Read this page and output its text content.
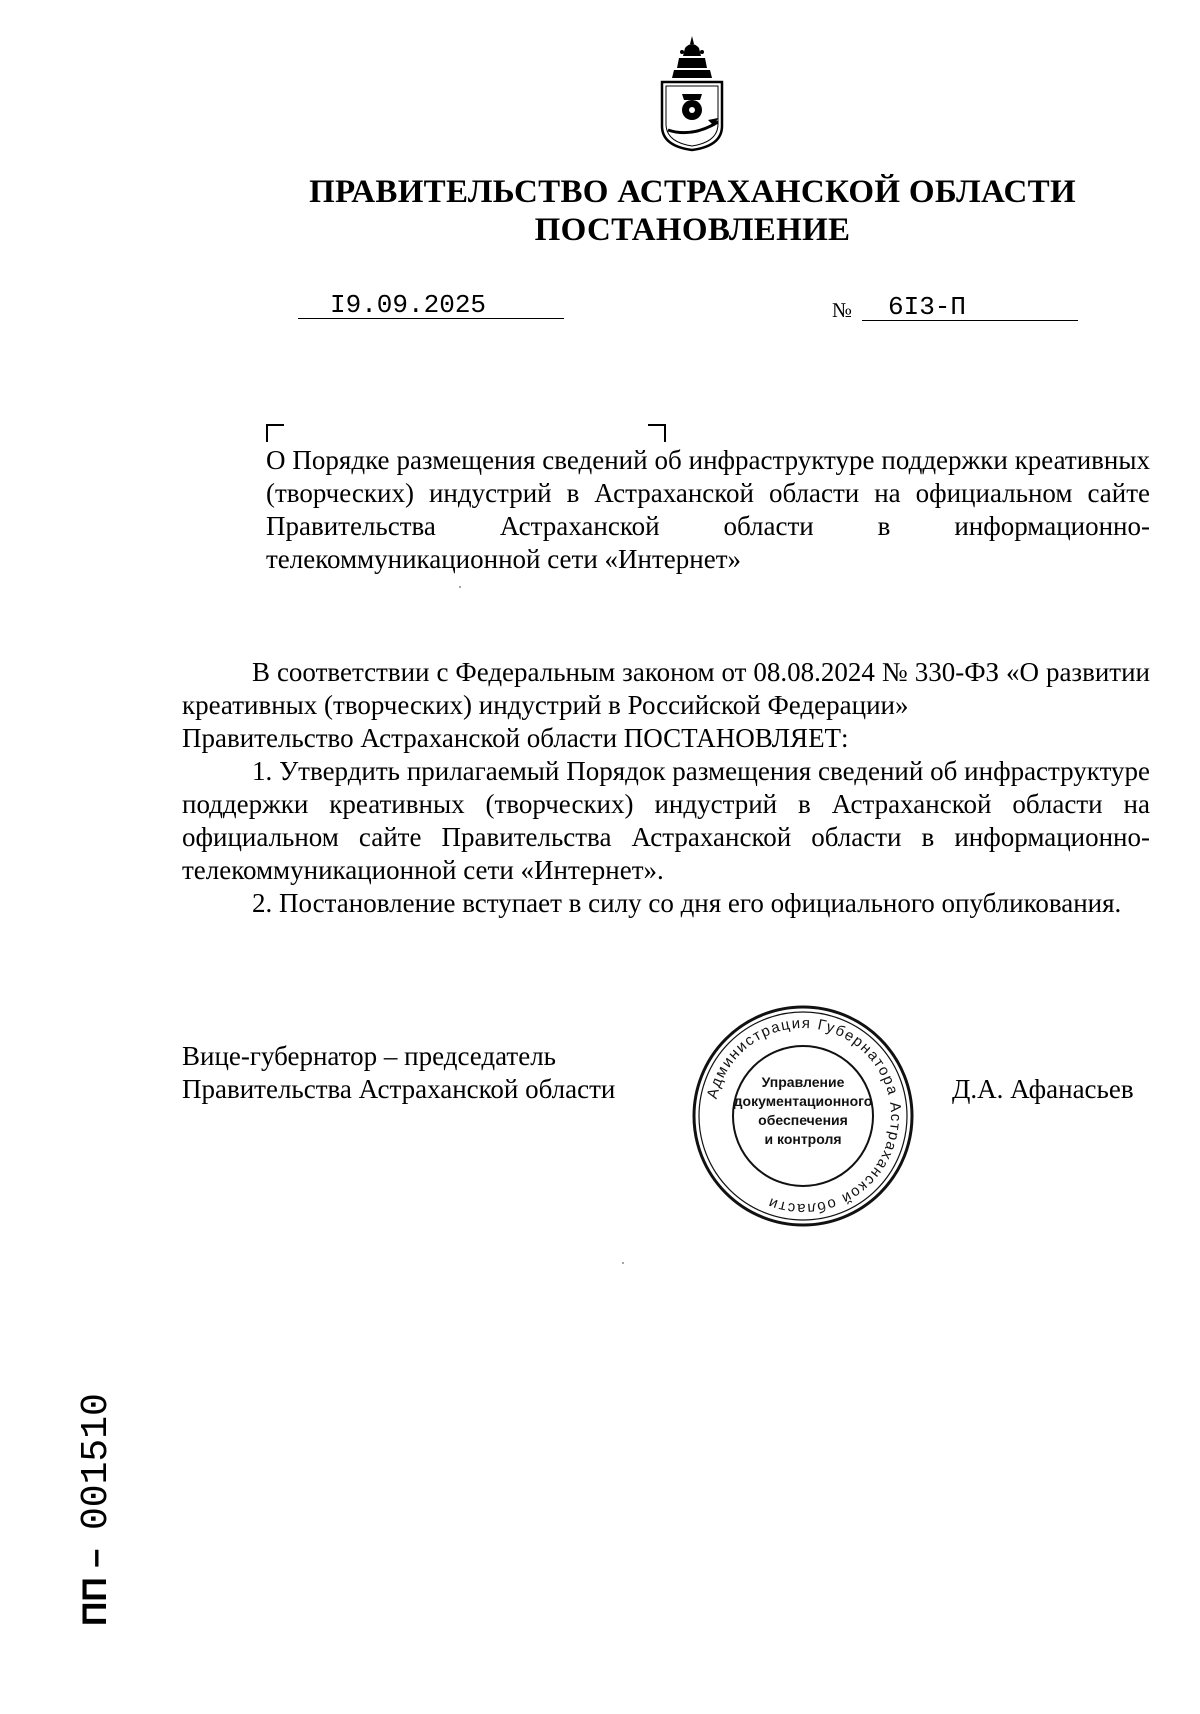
ПРАВИТЕЛЬСТВО АСТРАХАНСКОЙ ОБЛАСТИ
ПОСТАНОВЛЕНИЕ
I9.09.2025	№ 6I3-П
О Порядке размещения сведений об инфраструктуре поддержки креативных (творческих) индустрий в Астраханской области на официальном сайте Правительства Астраханской области в информационно-телекоммуникационной сети «Интернет»

В соответствии с Федеральным законом от 08.08.2024 № 330-ФЗ «О развитии креативных (творческих) индустрий в Российской Федерации»

Правительство Астраханской области ПОСТАНОВЛЯЕТ:

1. Утвердить прилагаемый Порядок размещения сведений об инфраструктуре поддержки креативных (творческих) индустрий в Астраханской области на официальном сайте Правительства Астраханской области в информационно-телекоммуникационной сети «Интернет».

2. Постановление вступает в силу со дня его официального опубликования.

Вице-губернатор – председатель
Правительства Астраханской области	Д.А. Афанасьев
Администрация Губернатора Астраханской области
Управление
документационного
обеспечения
и контроля
ПП –
001510
